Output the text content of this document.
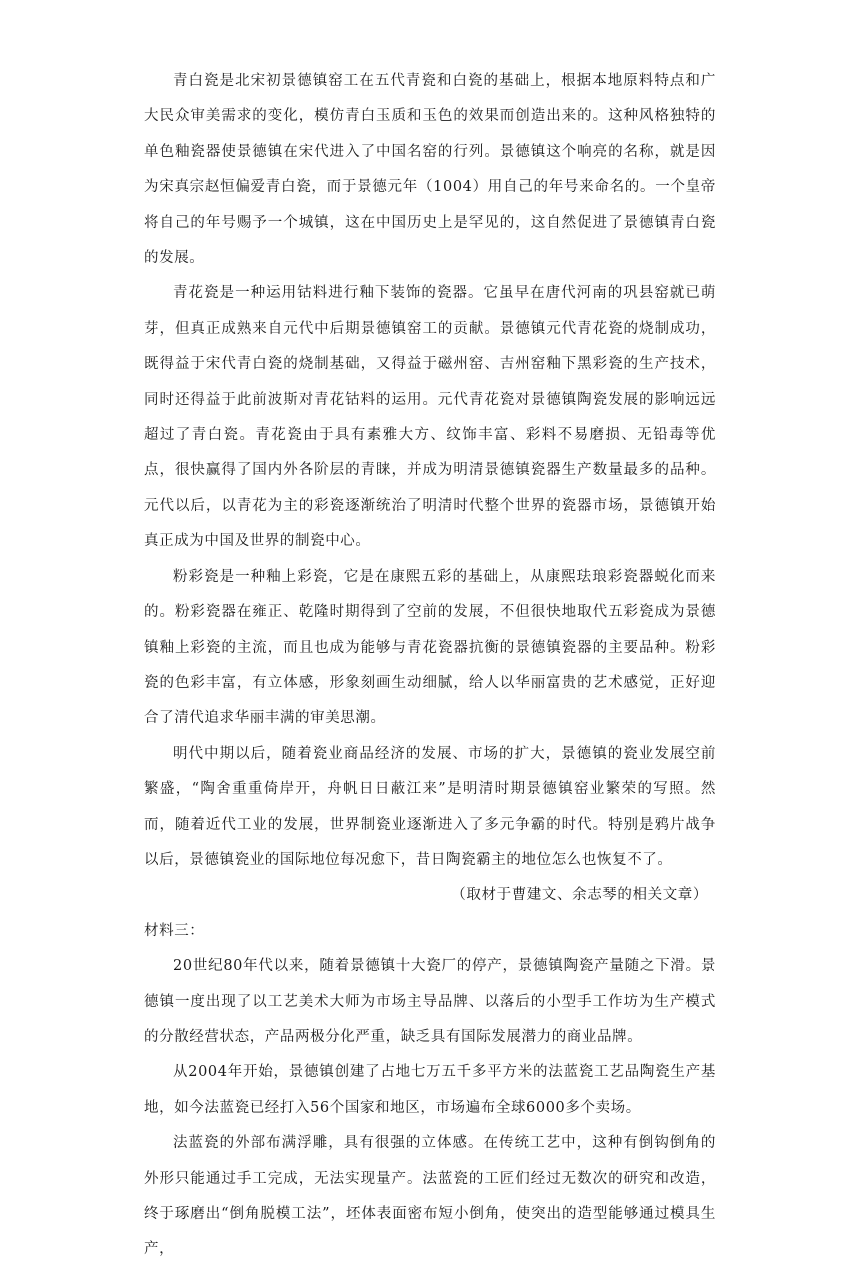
青白瓷是北宋初景德镇窑工在五代青瓷和白瓷的基础上，根据本地原料特点和广大民众审美需求的变化，模仿青白玉质和玉色的效果而创造出来的。这种风格独特的单色釉瓷器使景德镇在宋代进入了中国名窑的行列。景德镇这个响亮的名称，就是因为宋真宗赵恒偏爱青白瓷，而于景德元年（1004）用自己的年号来命名的。一个皇帝将自己的年号赐予一个城镇，这在中国历史上是罕见的，这自然促进了景德镇青白瓷的发展。

青花瓷是一种运用钴料进行釉下装饰的瓷器。它虽早在唐代河南的巩县窑就已萌芽，但真正成熟来自元代中后期景德镇窑工的贡献。景德镇元代青花瓷的烧制成功，既得益于宋代青白瓷的烧制基础，又得益于磁州窑、吉州窑釉下黑彩瓷的生产技术，同时还得益于此前波斯对青花钴料的运用。元代青花瓷对景德镇陶瓷发展的影响远远超过了青白瓷。青花瓷由于具有素雅大方、纹饰丰富、彩料不易磨损、无铅毒等优点，很快赢得了国内外各阶层的青睐，并成为明清景德镇瓷器生产数量最多的品种。元代以后，以青花为主的彩瓷逐渐统治了明清时代整个世界的瓷器市场，景德镇开始真正成为中国及世界的制瓷中心。

粉彩瓷是一种釉上彩瓷，它是在康熙五彩的基础上，从康熙珐琅彩瓷器蜕化而来的。粉彩瓷器在雍正、乾隆时期得到了空前的发展，不但很快地取代五彩瓷成为景德镇釉上彩瓷的主流，而且也成为能够与青花瓷器抗衡的景德镇瓷器的主要品种。粉彩瓷的色彩丰富，有立体感，形象刻画生动细腻，给人以华丽富贵的艺术感觉，正好迎合了清代追求华丽丰满的审美思潮。

明代中期以后，随着瓷业商品经济的发展、市场的扩大，景德镇的瓷业发展空前繁盛，“陶舍重重倚岸开，舟帆日日蔽江来”是明清时期景德镇窑业繁荣的写照。然而，随着近代工业的发展，世界制瓷业逐渐进入了多元争霸的时代。特别是鸦片战争以后，景德镇瓷业的国际地位每况愈下，昔日陶瓷霸主的地位怎么也恢复不了。

（取材于曹建文、余志琴的相关文章）

材料三：

20世纪80年代以来，随着景德镇十大瓷厂的停产，景德镇陶瓷产量随之下滑。景德镇一度出现了以工艺美术大师为市场主导品牌、以落后的小型手工作坊为生产模式的分散经营状态，产品两极分化严重，缺乏具有国际发展潜力的商业品牌。

从2004年开始，景德镇创建了占地七万五千多平方米的法蓝瓷工艺品陶瓷生产基地，如今法蓝瓷已经打入56个国家和地区，市场遍布全球6000多个卖场。

法蓝瓷的外部布满浮雕，具有很强的立体感。在传统工艺中，这种有倒钩倒角的外形只能通过手工完成，无法实现量产。法蓝瓷的工匠们经过无数次的研究和改造，终于琢磨出“倒角脱模工法”，坯体表面密布短小倒角，使突出的造型能够通过模具生产，
